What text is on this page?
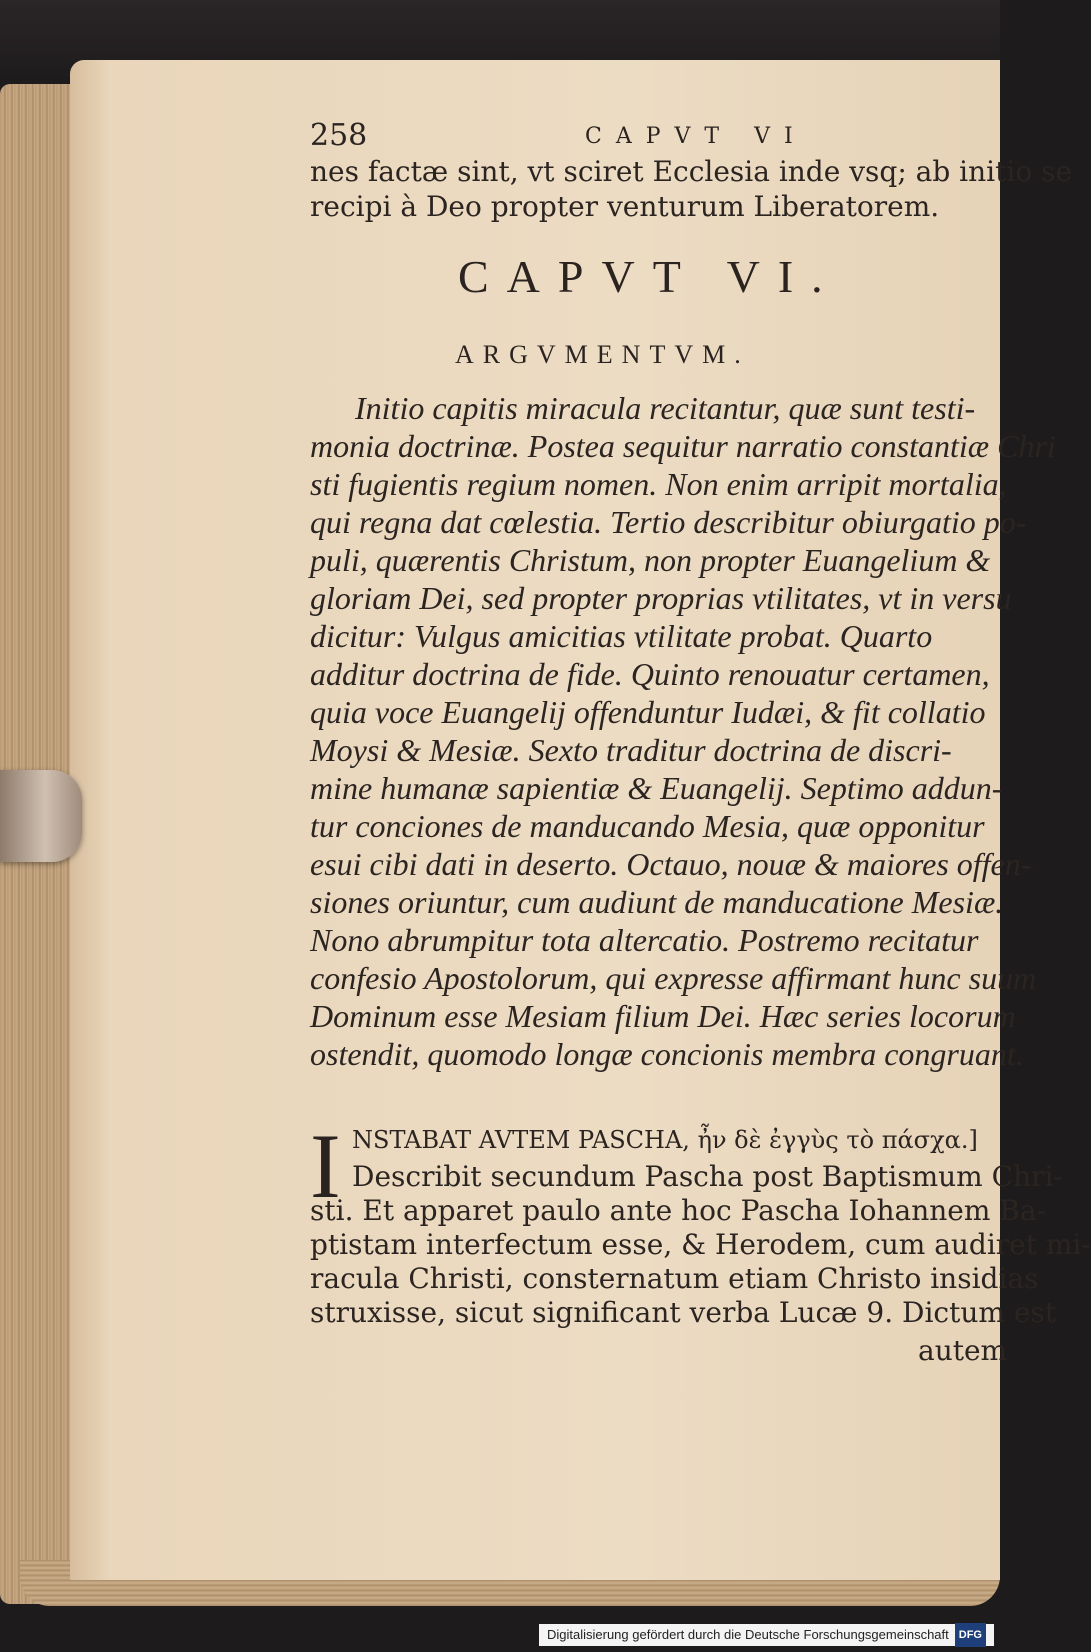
258	CAPVT VI
nes factæ sint, vt sciret Ecclesia inde vsq; ab initio se
recipi à Deo propter venturum Liberatorem.
CAPVT VI.
ARGVMENTVM.
Initio capitis miracula recitantur, quæ sunt testi-
monia doctrinæ. Postea sequitur narratio constantiæ Chri
sti fugientis regium nomen. Non enim arripit mortalia,
qui regna dat cœlestia. Tertio describitur obiurgatio po-
puli, quærentis Christum, non propter Euangelium &
gloriam Dei, sed propter proprias vtilitates, vt in versu
dicitur: Vulgus amicitias vtilitate probat. Quarto
additur doctrina de fide. Quinto renouatur certamen,
quia voce Euangelij offenduntur Iudæi, & fit collatio
Moysi & Mesiæ. Sexto traditur doctrina de discri-
mine humanæ sapientiæ & Euangelij. Septimo addun-
tur conciones de manducando Mesia, quæ opponitur
esui cibi dati in deserto. Octauo, nouæ & maiores offen-
siones oriuntur, cum audiunt de manducatione Mesiæ.
Nono abrumpitur tota altercatio. Postremo recitatur
confesio Apostolorum, qui expresse affirmant hunc suum
Dominum esse Mesiam filium Dei. Hæc series locorum
ostendit, quomodo longæ concionis membra congruant.
I NSTABAT AVTEM PASCHA, ἦν δὲ ἐγγὺς τὸ πάσχα.]
Describit secundum Pascha post Baptismum Chri-
sti. Et apparet paulo ante hoc Pascha Iohannem Ba-
ptistam interfectum esse, & Herodem, cum audiret mi-
racula Christi, consternatum etiam Christo insidias
struxisse, sicut significant verba Lucæ 9. Dictum est
autem
Digitalisierung gefördert durch die Deutsche Forschungsgemeinschaft DFG
